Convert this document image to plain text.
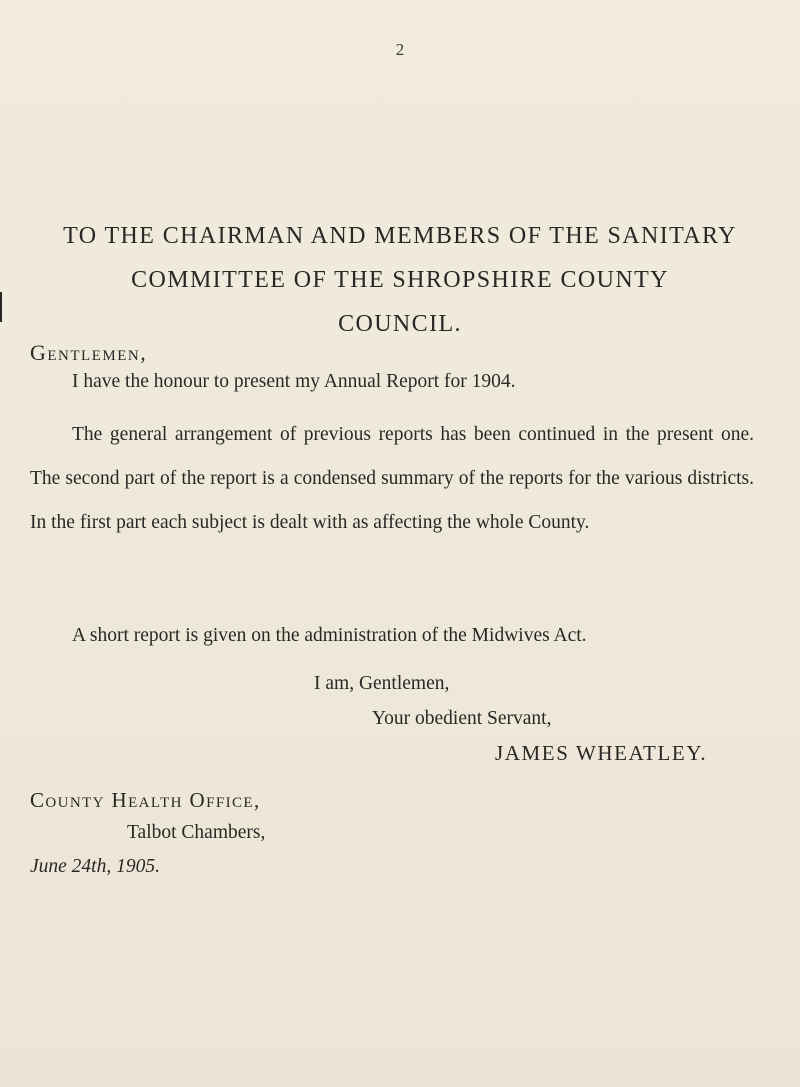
2
TO THE CHAIRMAN AND MEMBERS OF THE SANITARY
COMMITTEE OF THE SHROPSHIRE COUNTY
COUNCIL.
Gentlemen,
I have the honour to present my Annual Report for 1904.
The general arrangement of previous reports has been continued in the present one. The second part of the report is a condensed summary of the reports for the various districts. In the first part each subject is dealt with as affecting the whole County.
A short report is given on the administration of the Midwives Act.
I am, Gentlemen,
Your obedient Servant,
JAMES WHEATLEY.
County Health Office,
Talbot Chambers,
June 24th, 1905.
